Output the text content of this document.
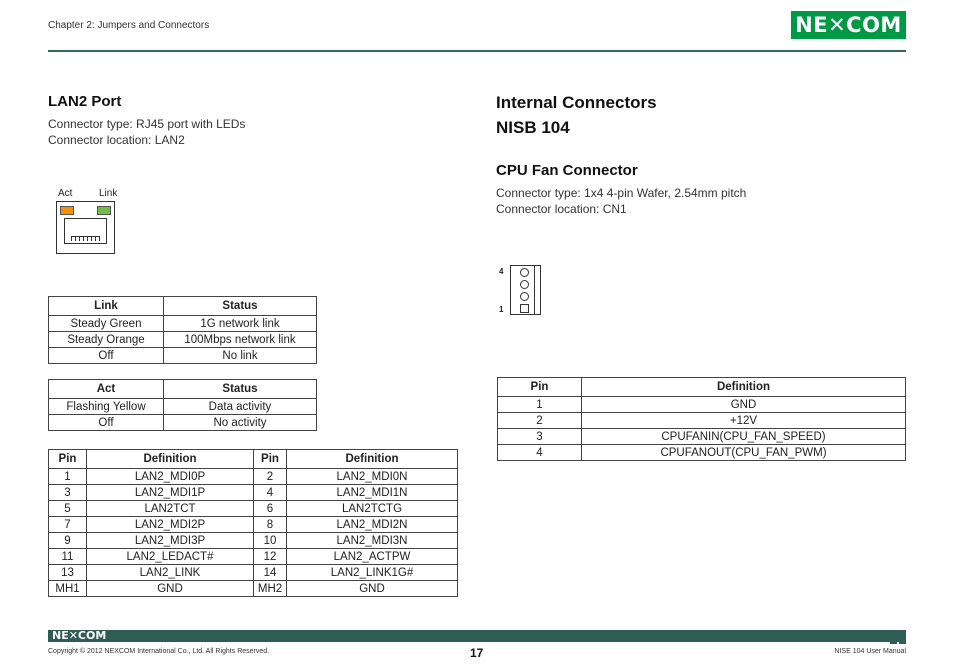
Chapter 2: Jumpers and Connectors	NE✕COM
LAN2 Port
Connector type: RJ45 port with LEDs
Connector location: LAN2
Act	Link
Link	Status
Steady Green	1G network link
Steady Orange	100Mbps network link
Off	No link
Act	Status
Flashing Yellow	Data activity
Off	No activity
Pin	Definition	Pin	Definition
1	LAN2_MDI0P	2	LAN2_MDI0N
3	LAN2_MDI1P	4	LAN2_MDI1N
5	LAN2TCT	6	LAN2TCTG
7	LAN2_MDI2P	8	LAN2_MDI2N
9	LAN2_MDI3P	10	LAN2_MDI3N
11	LAN2_LEDACT#	12	LAN2_ACTPW
13	LAN2_LINK	14	LAN2_LINK1G#
MH1	GND	MH2	GND
Internal Connectors
NISB 104
CPU Fan Connector
Connector type: 1x4 4-pin Wafer, 2.54mm pitch
Connector location: CN1
4
1
Pin	Definition
1	GND
2	+12V
3	CPUFANIN(CPU_FAN_SPEED)
4	CPUFANOUT(CPU_FAN_PWM)
NE✕COM
Copyright © 2012 NEXCOM International Co., Ltd. All Rights Reserved.	17	NISE 104 User Manual
